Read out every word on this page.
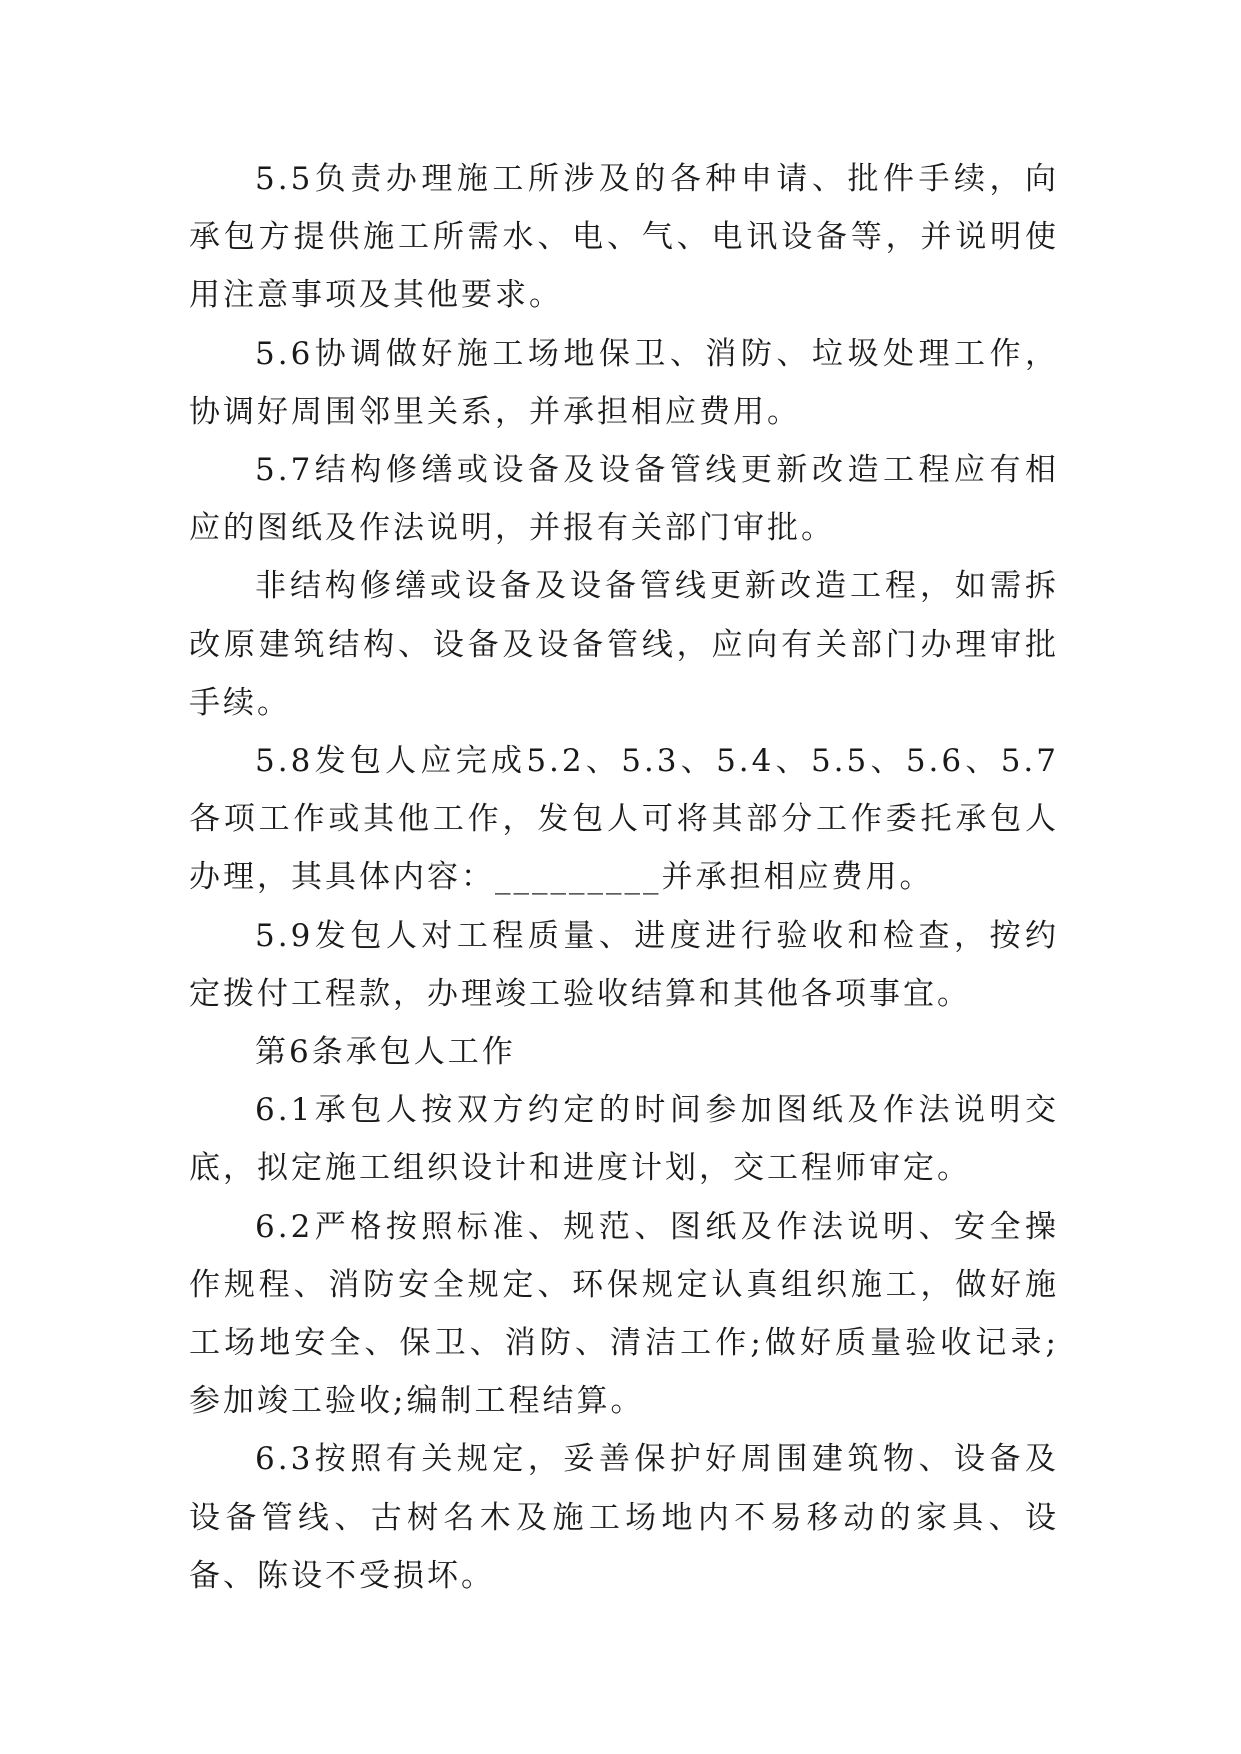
5.5负责办理施工所涉及的各种申请、批件手续，向承包方提供施工所需水、电、气、电讯设备等，并说明使用注意事项及其他要求。

5.6协调做好施工场地保卫、消防、垃圾处理工作，协调好周围邻里关系，并承担相应费用。

5.7结构修缮或设备及设备管线更新改造工程应有相应的图纸及作法说明，并报有关部门审批。

非结构修缮或设备及设备管线更新改造工程，如需拆改原建筑结构、设备及设备管线，应向有关部门办理审批手续。

5.8发包人应完成5.2、5.3、5.4、5.5、5.6、5.7各项工作或其他工作，发包人可将其部分工作委托承包人办理，其具体内容：_________并承担相应费用。

5.9发包人对工程质量、进度进行验收和检查，按约定拨付工程款，办理竣工验收结算和其他各项事宜。

第6条承包人工作

6.1承包人按双方约定的时间参加图纸及作法说明交底，拟定施工组织设计和进度计划，交工程师审定。

6.2严格按照标准、规范、图纸及作法说明、安全操作规程、消防安全规定、环保规定认真组织施工，做好施工场地安全、保卫、消防、清洁工作;做好质量验收记录;参加竣工验收;编制工程结算。

6.3按照有关规定，妥善保护好周围建筑物、设备及设备管线、古树名木及施工场地内不易移动的家具、设备、陈设不受损坏。
